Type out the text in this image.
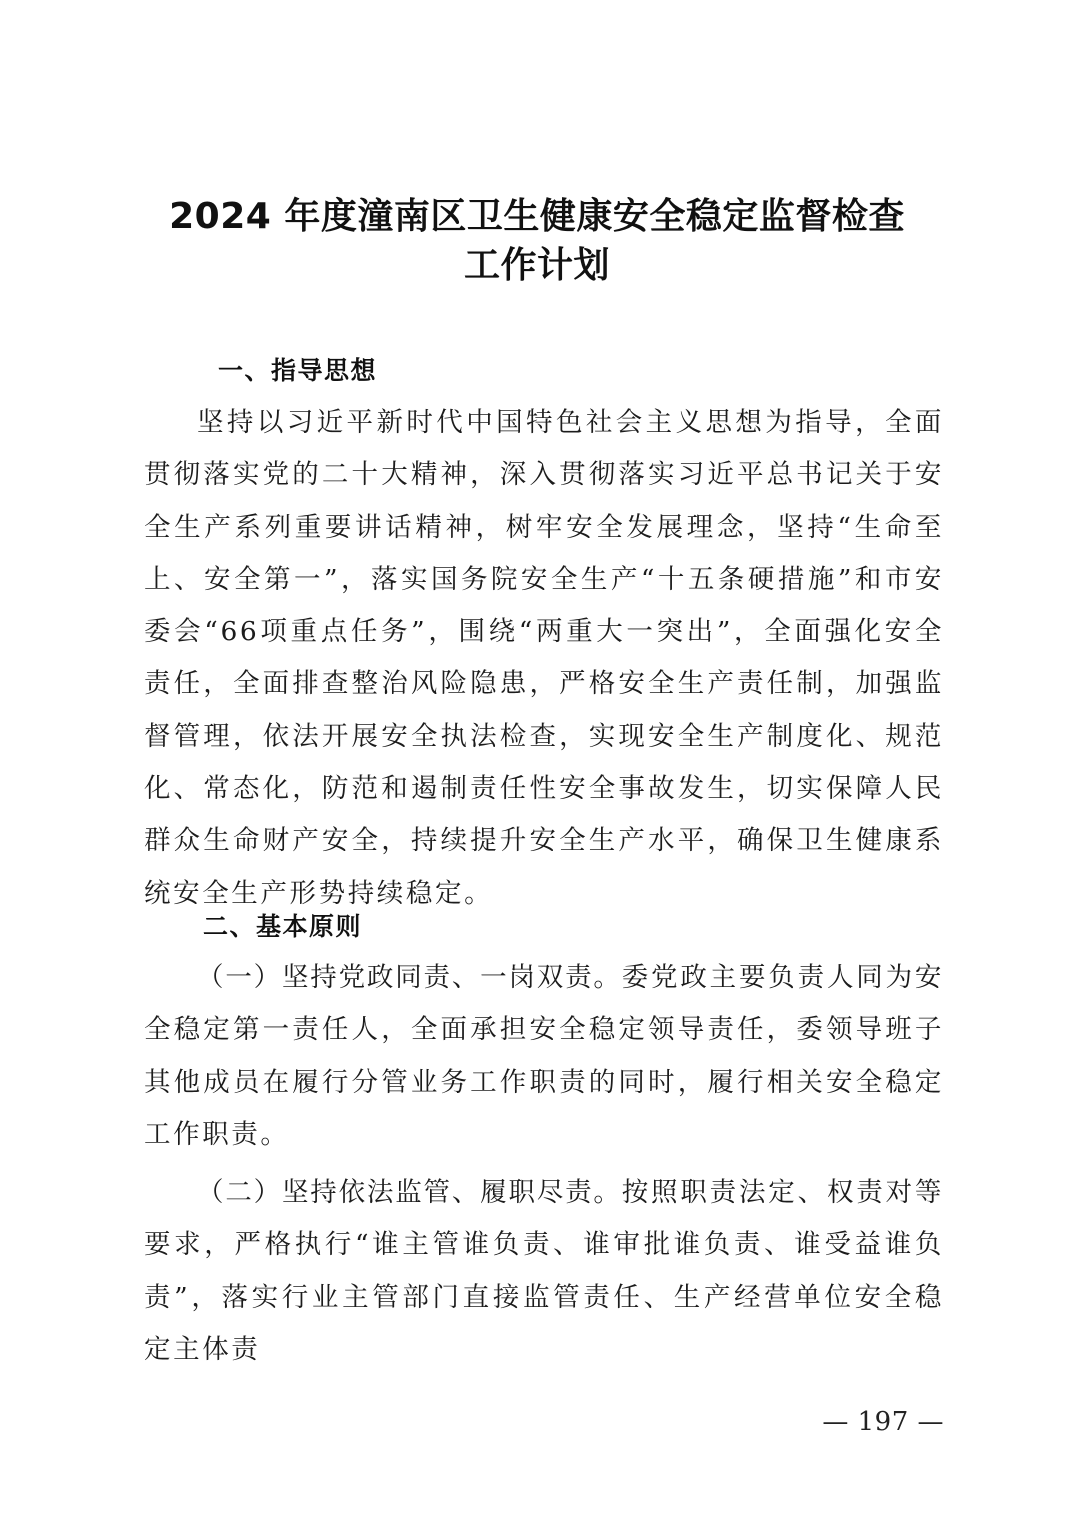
2024 年度潼南区卫生健康安全稳定监督检查
工作计划
一、指导思想

坚持以习近平新时代中国特色社会主义思想为指导，全面贯彻落实党的二十大精神，深入贯彻落实习近平总书记关于安全生产系列重要讲话精神，树牢安全发展理念，坚持“生命至上、安全第一”，落实国务院安全生产“十五条硬措施”和市安委会“66项重点任务”，围绕“两重大一突出”，全面强化安全责任，全面排查整治风险隐患，严格安全生产责任制，加强监督管理，依法开展安全执法检查，实现安全生产制度化、规范化、常态化，防范和遏制责任性安全事故发生，切实保障人民群众生命财产安全，持续提升安全生产水平，确保卫生健康系统安全生产形势持续稳定。

二、基本原则

（一）坚持党政同责、一岗双责。委党政主要负责人同为安全稳定第一责任人，全面承担安全稳定领导责任，委领导班子其他成员在履行分管业务工作职责的同时，履行相关安全稳定工作职责。

（二）坚持依法监管、履职尽责。按照职责法定、权责对等要求，严格执行“谁主管谁负责、谁审批谁负责、谁受益谁负责”，落实行业主管部门直接监管责任、生产经营单位安全稳定主体责

— 197 —
